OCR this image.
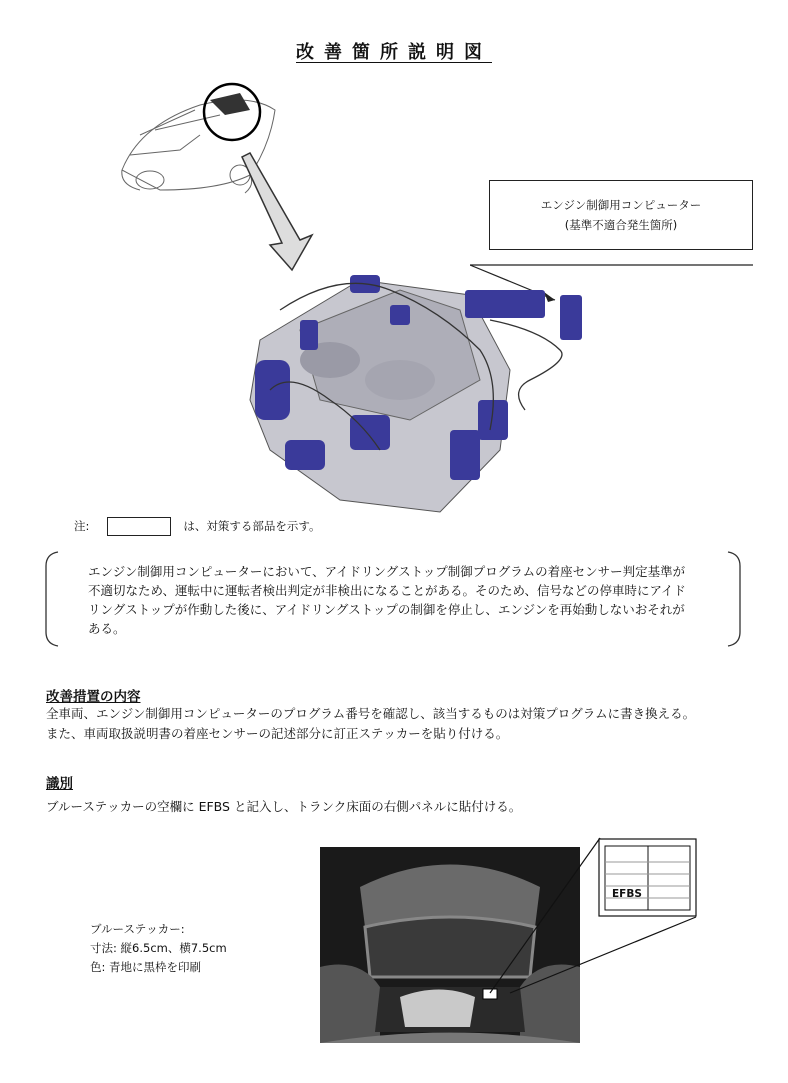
改善箇所説明図
エンジン制御用コンピューター
(基準不適合発生箇所)
注:	は、対策する部品を示す。
エンジン制御用コンピューターにおいて、アイドリングストップ制御プログラムの着座センサー判定基準が
不適切なため、運転中に運転者検出判定が非検出になることがある。そのため、信号などの停車時にアイド
リングストップが作動した後に、アイドリングストップの制御を停止し、エンジンを再始動しないおそれが
ある。
改善措置の内容
全車両、エンジン制御用コンピューターのプログラム番号を確認し、該当するものは対策プログラムに書き換える。
また、車両取扱説明書の着座センサーの記述部分に訂正ステッカーを貼り付ける。
識別
ブルーステッカーの空欄に EFBS と記入し、トランク床面の右側パネルに貼付ける。
ブルーステッカー:
寸法: 縦6.5cm、横7.5cm
色: 青地に黒枠を印刷
EFBS
